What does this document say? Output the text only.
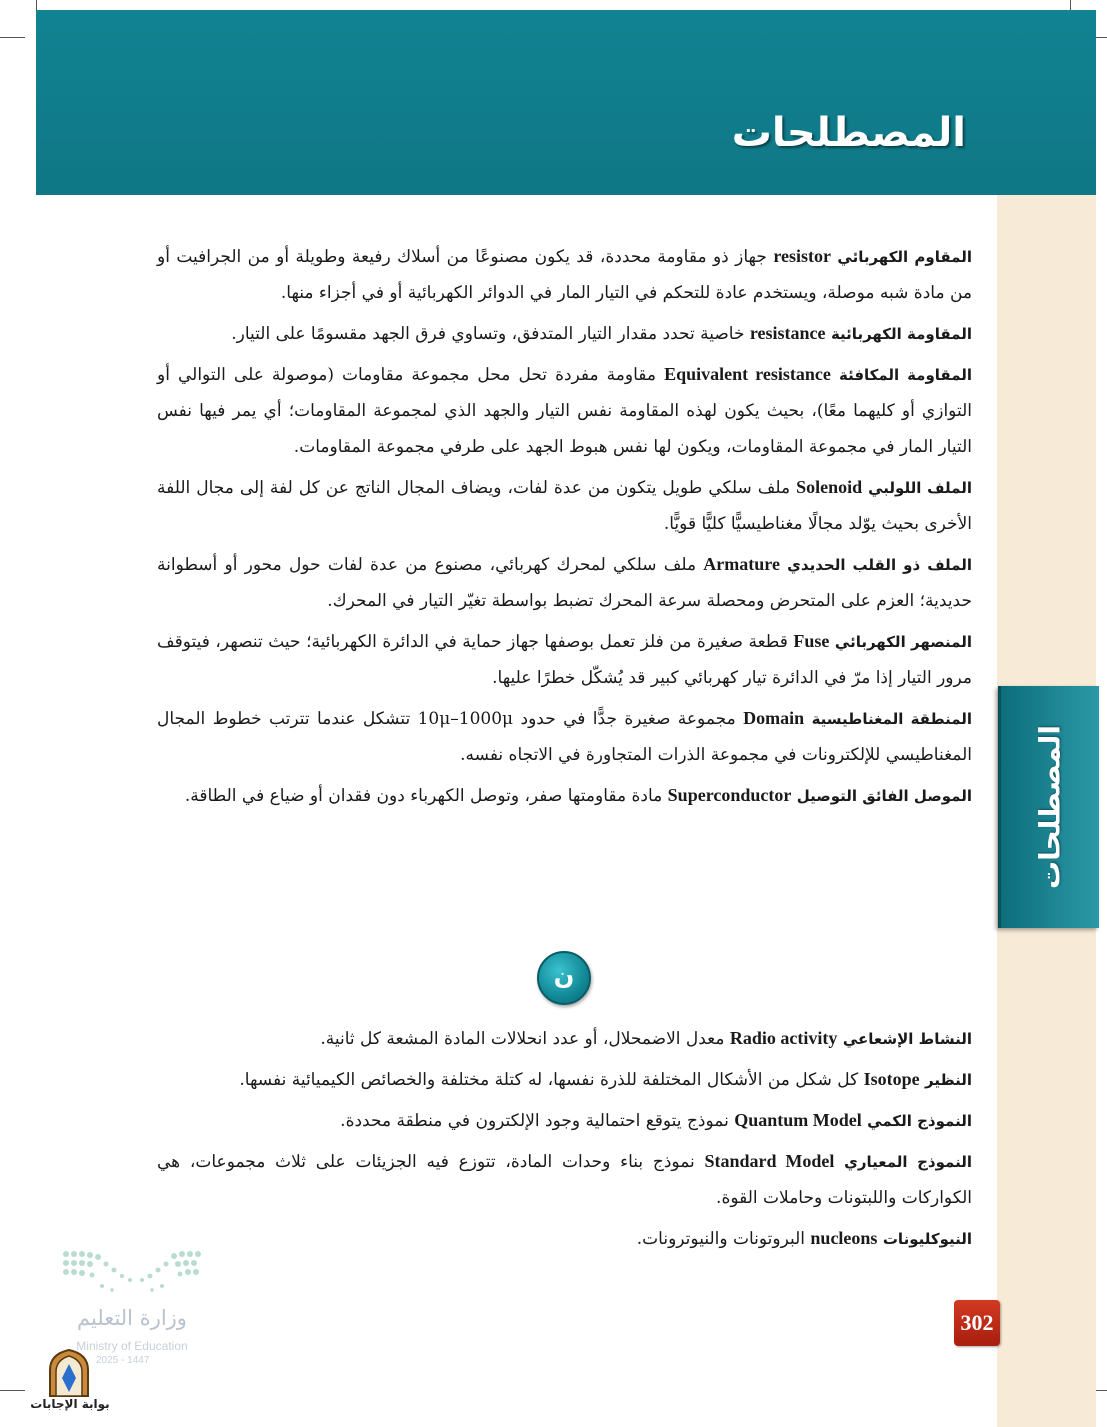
المصطلحات
المصطلحات

المقاوم الكهربائي resistor جهاز ذو مقاومة محددة، قد يكون مصنوعًا من أسلاك رفيعة وطويلة أو من الجرافيت أو من مادة شبه موصلة، ويستخدم عادة للتحكم في التيار المار في الدوائر الكهربائية أو في أجزاء منها.

المقاومة الكهربائية resistance خاصية تحدد مقدار التيار المتدفق، وتساوي فرق الجهد مقسومًا على التيار.

المقاومة المكافئة Equivalent resistance مقاومة مفردة تحل محل مجموعة مقاومات (موصولة على التوالي أو التوازي أو كليهما معًا)، بحيث يكون لهذه المقاومة نفس التيار والجهد الذي لمجموعة المقاومات؛ أي يمر فيها نفس التيار المار في مجموعة المقاومات، ويكون لها نفس هبوط الجهد على طرفي مجموعة المقاومات.

الملف اللولبي Solenoid ملف سلكي طويل يتكون من عدة لفات، ويضاف المجال الناتج عن كل لفة إلى مجال اللفة الأخرى بحيث يوّلد مجالًا مغناطيسيًّا كليًّا قويًّا.

الملف ذو القلب الحديدي Armature ملف سلكي لمحرك كهربائي، مصنوع من عدة لفات حول محور أو أسطوانة حديدية؛ العزم على المتحرض ومحصلة سرعة المحرك تضبط بواسطة تغيّر التيار في المحرك.

المنصهر الكهربائي Fuse قطعة صغيرة من فلز تعمل بوصفها جهاز حماية في الدائرة الكهربائية؛ حيث تنصهر، فيتوقف مرور التيار إذا مرّ في الدائرة تيار كهربائي كبير قد يُشكّل خطرًا عليها.

المنطقة المغناطيسية Domain مجموعة صغيرة جدًّا في حدود 10μ–1000μ تتشكل عندما تترتب خطوط المجال المغناطيسي للإلكترونات في مجموعة الذرات المتجاورة في الاتجاه نفسه.

الموصل الفائق التوصيل Superconductor مادة مقاومتها صفر، وتوصل الكهرباء دون فقدان أو ضياع في الطاقة.

ن

النشاط الإشعاعي Radio activity معدل الاضمحلال، أو عدد انحلالات المادة المشعة كل ثانية.

النظير Isotope كل شكل من الأشكال المختلفة للذرة نفسها، له كتلة مختلفة والخصائص الكيميائية نفسها.

النموذج الكمي Quantum Model نموذج يتوقع احتمالية وجود الإلكترون في منطقة محددة.

النموذج المعياري Standard Model نموذج بناء وحدات المادة، تتوزع فيه الجزيئات على ثلاث مجموعات، هي الكواركات واللبتونات وحاملات القوة.

النيوكليونات nucleons البروتونات والنيوترونات.

302
وزارة التعليم
Ministry of Education
2025 - 1447
بوابة الإجابات
